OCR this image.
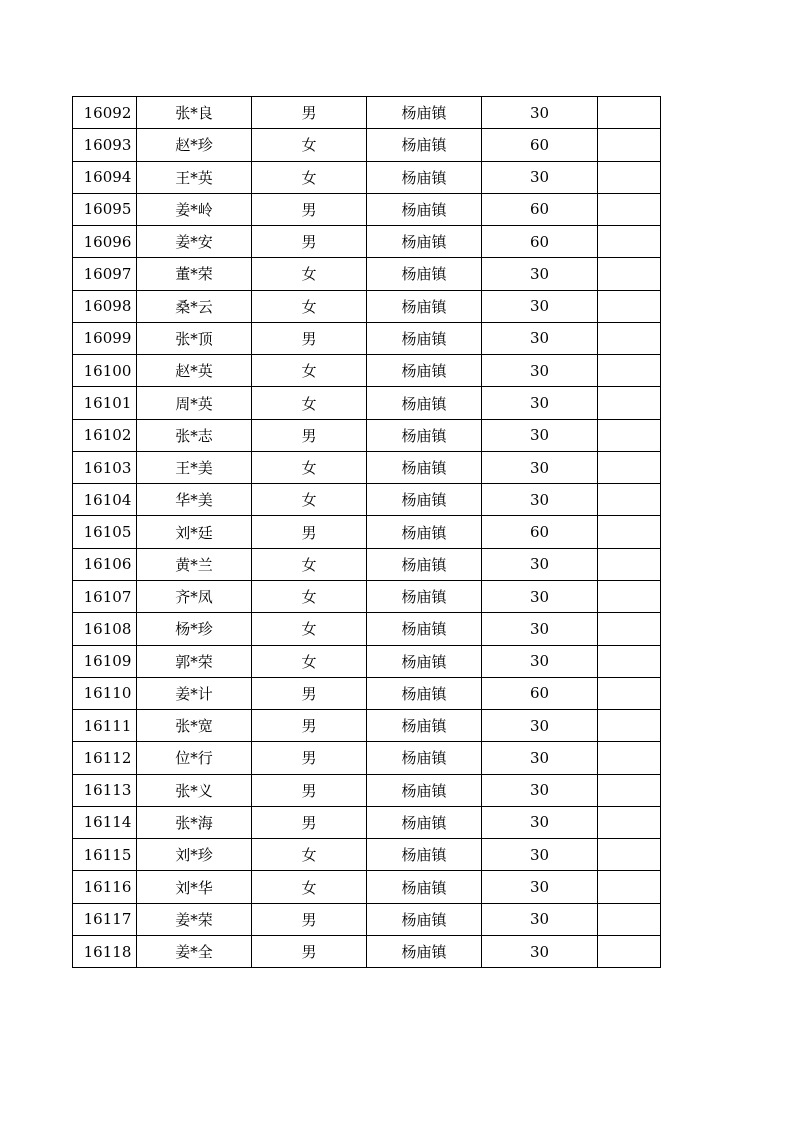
16092	张*良	男	杨庙镇	30	
16093	赵*珍	女	杨庙镇	60	
16094	王*英	女	杨庙镇	30	
16095	姜*岭	男	杨庙镇	60	
16096	姜*安	男	杨庙镇	60	
16097	董*荣	女	杨庙镇	30	
16098	桑*云	女	杨庙镇	30	
16099	张*顶	男	杨庙镇	30	
16100	赵*英	女	杨庙镇	30	
16101	周*英	女	杨庙镇	30	
16102	张*志	男	杨庙镇	30	
16103	王*美	女	杨庙镇	30	
16104	华*美	女	杨庙镇	30	
16105	刘*廷	男	杨庙镇	60	
16106	黄*兰	女	杨庙镇	30	
16107	齐*凤	女	杨庙镇	30	
16108	杨*珍	女	杨庙镇	30	
16109	郭*荣	女	杨庙镇	30	
16110	姜*计	男	杨庙镇	60	
16111	张*宽	男	杨庙镇	30	
16112	位*行	男	杨庙镇	30	
16113	张*义	男	杨庙镇	30	
16114	张*海	男	杨庙镇	30	
16115	刘*珍	女	杨庙镇	30	
16116	刘*华	女	杨庙镇	30	
16117	姜*荣	男	杨庙镇	30	
16118	姜*全	男	杨庙镇	30	
